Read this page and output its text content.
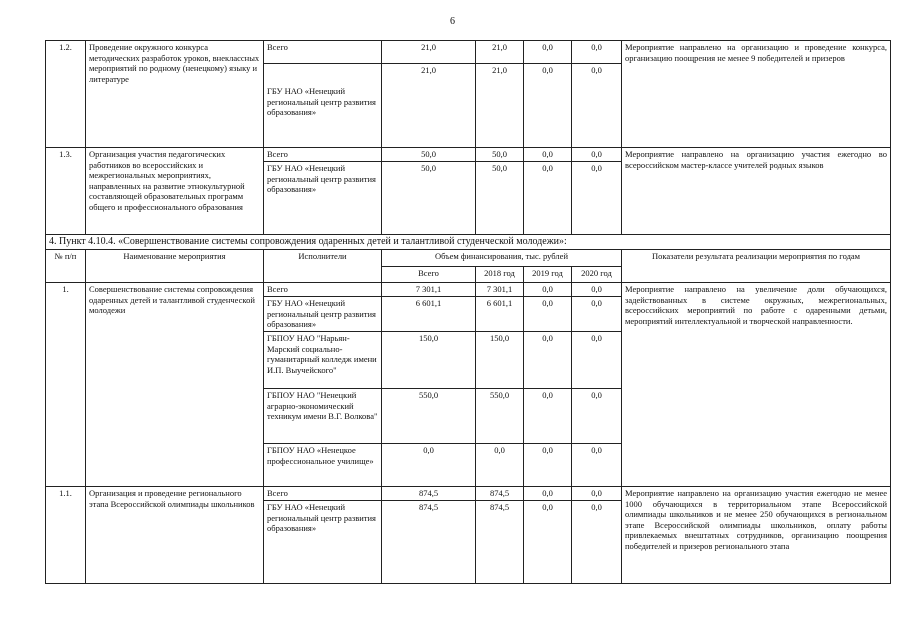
6
1.2.	Проведение окружного конкурса методических разработок уроков, внеклассных мероприятий по родному (ненецкому) языку и литературе	Всего	21,0	21,0	0,0	0,0	Мероприятие направлено на организацию и проведение конкурса, организацию поощрения не менее 9 победителей и призеров
		ГБУ НАО «Ненецкий региональный центр развития образования»	21,0	21,0	0,0	0,0	
1.3.	Организация участия педагогических работников во всероссийских и межрегиональных мероприятиях, направленных на развитие этнокультурной составляющей образовательных программ общего и профессионального образования	Всего	50,0	50,0	0,0	0,0	Мероприятие направлено на организацию участия ежегодно во всероссийском мастер-классе учителей родных языков
		ГБУ НАО «Ненецкий региональный центр развития образования»	50,0	50,0	0,0	0,0	
4. Пункт 4.10.4. «Совершенствование системы сопровождения одаренных детей и талантливой студенческой молодежи»:							
№ п/п	Наименование мероприятия	Исполнители	Объем финансирования, тыс. рублей				Показатели результата реализации мероприятия по годам
			Всего	2018 год	2019 год	2020 год	
1.	Совершенствование системы сопровождения одаренных детей и талантливой студенческой молодежи	Всего	7 301,1	7 301,1	0,0	0,0	Мероприятие направлено на увеличение доли обучающихся, задействованных в системе окружных, межрегиональных, всероссийских мероприятий по работе с одаренными детьми, мероприятий интеллектуальной и творческой направленности.
		ГБУ НАО «Ненецкий региональный центр развития образования»	6 601,1	6 601,1	0,0	0,0	
		ГБПОУ НАО "Нарьян-Марский социально-гуманитарный колледж имени И.П. Выучейского"	150,0	150,0	0,0	0,0	
		ГБПОУ НАО "Ненецкий аграрно-экономический техникум имени В.Г. Волкова"	550,0	550,0	0,0	0,0	
		ГБПОУ НАО «Ненецкое профессиональное училище»	0,0	0,0	0,0	0,0	
1.1.	Организация и проведение регионального этапа Всероссийской олимпиады школьников	Всего	874,5	874,5	0,0	0,0	Мероприятие направлено на организацию участия ежегодно не менее 1000 обучающихся в территориальном этапе Всероссийской олимпиады школьников и не менее 250 обучающихся в региональном этапе Всероссийской олимпиады школьников, оплату работы привлекаемых внештатных сотрудников, организацию поощрения победителей и призеров регионального этапа
		ГБУ НАО «Ненецкий региональный центр развития образования»	874,5	874,5	0,0	0,0	
